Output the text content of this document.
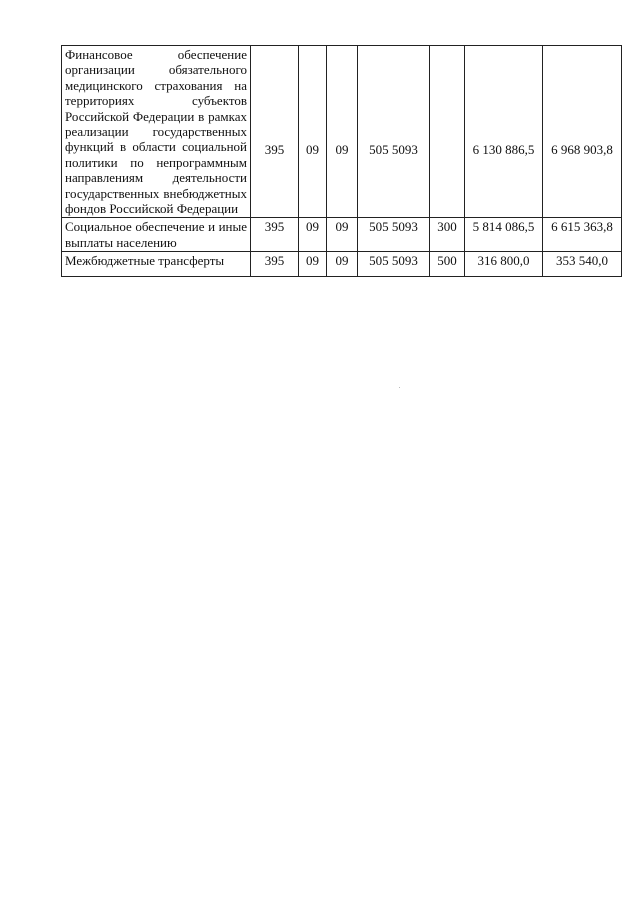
Финансовое обеспечение организации обязательного медицинского страхования на территориях субъектов Российской Федерации в рамках реализации государственных функций в области социальной политики по непрограммным направлениям деятельности государственных внебюджетных фондов Российской Федерации	395	09	09	505 5093		6 130 886,5	6 968 903,8
Социальное обеспечение и иные выплаты населению	395	09	09	505 5093	300	5 814 086,5	6 615 363,8
Межбюджетные трансферты	395	09	09	505 5093	500	316 800,0	353 540,0
